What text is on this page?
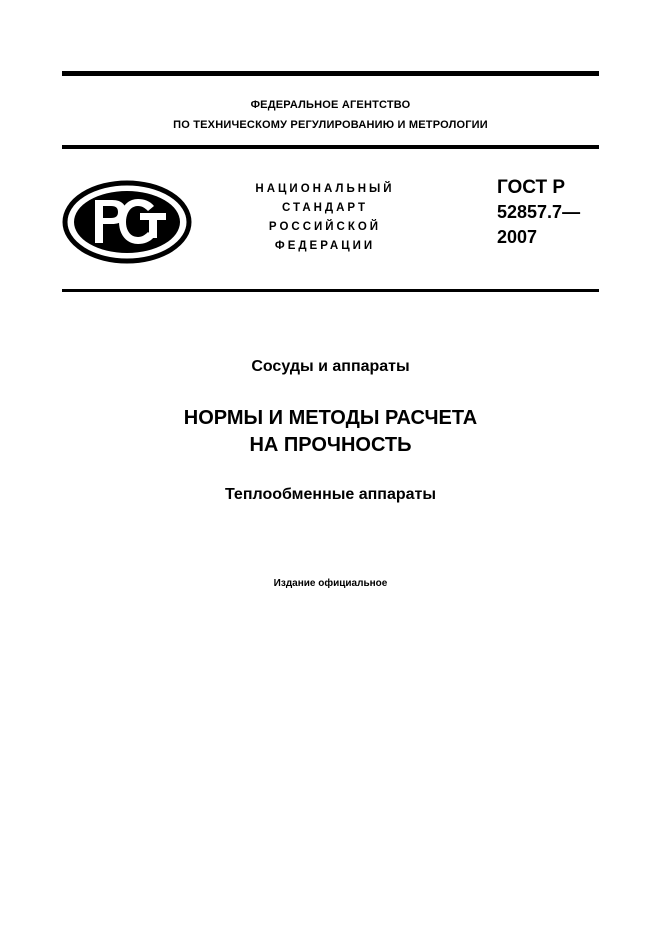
ФЕДЕРАЛЬНОЕ АГЕНТСТВО
ПО ТЕХНИЧЕСКОМУ РЕГУЛИРОВАНИЮ И МЕТРОЛОГИИ
НАЦИОНАЛЬНЫЙ
СТАНДАРТ
РОССИЙСКОЙ
ФЕДЕРАЦИИ
ГОСТ Р
52857.7—
2007
Сосуды и аппараты
НОРМЫ И МЕТОДЫ РАСЧЕТА
НА ПРОЧНОСТЬ
Теплообменные аппараты
Издание официальное
